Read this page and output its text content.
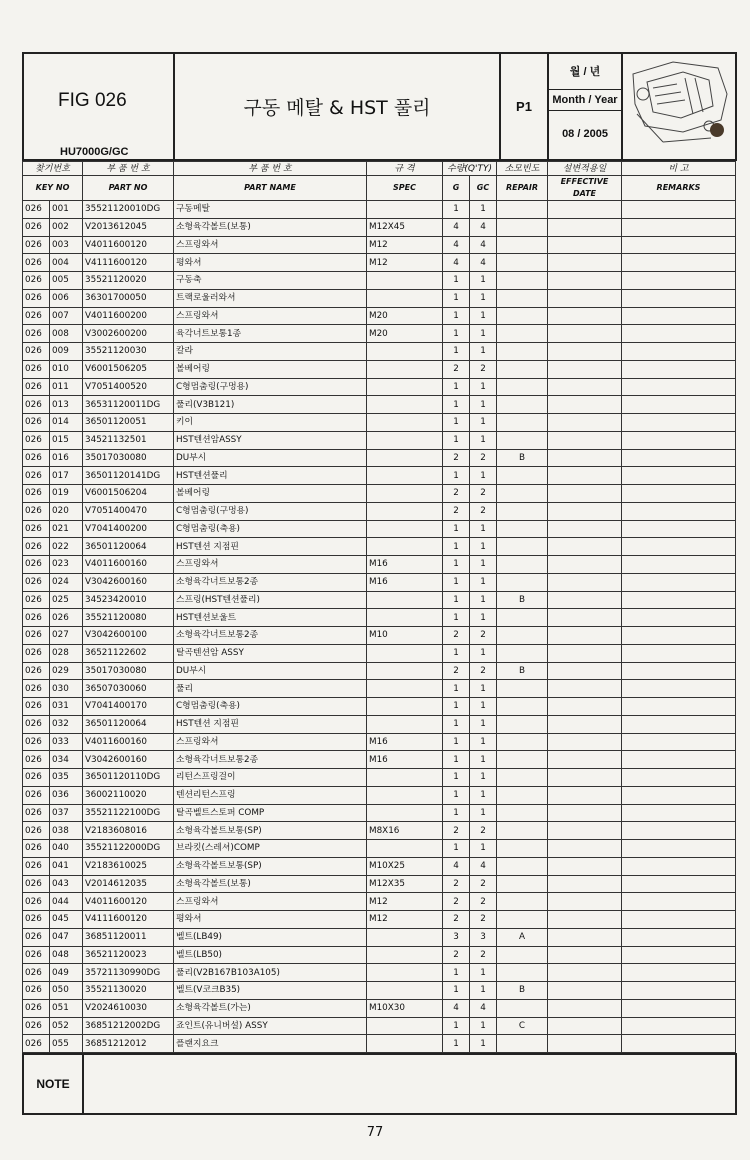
FIG 026
HU7000G/GC
	구동 메탈 & HST 풀리	P1	
월 / 년
Month / Year
08 / 2005

찾기번호		부 품 번 호	부 품 번 호	규 격	수량(Q'TY)		소모빈도	설변적용일	비 고
KEY NO		PART NO	PART NAME	SPEC	G	GC	REPAIR	EFFECTIVE DATE	REMARKS
026	001	35521120010DG	구동메탈		1	1			
026	002	V2013612045	소형육각볼트(보통)	M12X45	4	4			
026	003	V4011600120	스프링와셔	M12	4	4			
026	004	V4111600120	평와셔	M12	4	4			
026	005	35521120020	구동축		1	1			
026	006	36301700050	트랙로울러와셔		1	1			
026	007	V4011600200	스프링와셔	M20	1	1			
026	008	V3002600200	육각너트보통1종	M20	1	1			
026	009	35521120030	칼라		1	1			
026	010	V6001506205	볼베어링		2	2			
026	011	V7051400520	C형멈춤링(구멍용)		1	1			
026	013	36531120011DG	풀리(V3B121)		1	1			
026	014	36501120051	키이		1	1			
026	015	34521132501	HST텐션암ASSY		1	1			
026	016	35017030080	DU부시		2	2	B		
026	017	36501120141DG	HST텐션풀리		1	1			
026	019	V6001506204	볼베어링		2	2			
026	020	V7051400470	C형멈춤링(구멍용)		2	2			
026	021	V7041400200	C형멈춤링(축용)		1	1			
026	022	36501120064	HST텐션 지점핀		1	1			
026	023	V4011600160	스프링와셔	M16	1	1			
026	024	V3042600160	소형육각너트보통2종	M16	1	1			
026	025	34523420010	스프링(HST텐션풀리)		1	1	B		
026	026	35521120080	HST텐션보울트		1	1			
026	027	V3042600100	소형육각너트보통2종	M10	2	2			
026	028	36521122602	탈곡텐션암 ASSY		1	1			
026	029	35017030080	DU부시		2	2	B		
026	030	36507030060	풀리		1	1			
026	031	V7041400170	C형멈춤링(축용)		1	1			
026	032	36501120064	HST텐션 지점핀		1	1			
026	033	V4011600160	스프링와셔	M16	1	1			
026	034	V3042600160	소형육각너트보통2종	M16	1	1			
026	035	36501120110DG	리턴스프링걸이		1	1			
026	036	36002110020	텐션리턴스프링		1	1			
026	037	35521122100DG	탈곡벨트스토퍼 COMP		1	1			
026	038	V2183608016	소형육각볼트보통(SP)	M8X16	2	2			
026	040	35521122000DG	브라킷(스레셔)COMP		1	1			
026	041	V2183610025	소형육각볼트보통(SP)	M10X25	4	4			
026	043	V2014612035	소형육각볼트(보통)	M12X35	2	2			
026	044	V4011600120	스프링와셔	M12	2	2			
026	045	V4111600120	평와셔	M12	2	2			
026	047	36851120011	벨트(LB49)		3	3	A		
026	048	36521120023	벨트(LB50)		2	2			
026	049	35721130990DG	풀리(V2B167B103A105)		1	1			
026	050	35521130020	벨트(V코크B35)		1	1	B		
026	051	V2024610030	소형육각볼트(가는)	M10X30	4	4			
026	052	36851212002DG	죠인트(유니버설) ASSY		1	1	C		
026	055	36851212012	플랜지요크		1	1			
NOTE	
77
